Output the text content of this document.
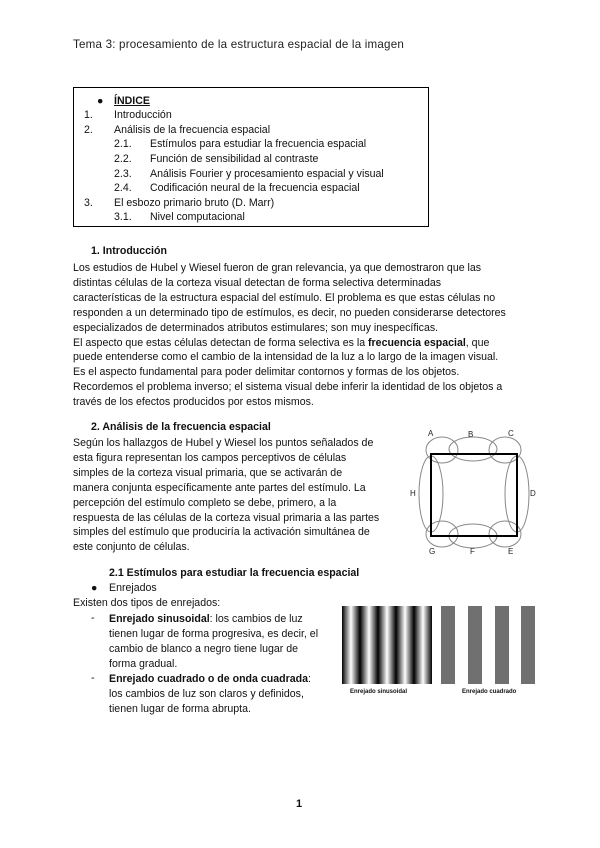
Tema 3: procesamiento de la estructura espacial de la imagen
● ÍNDICE
1. Introducción
2. Análisis de la frecuencia espacial
2.1. Estímulos para estudiar la frecuencia espacial
2.2. Función de sensibilidad al contraste
2.3. Análisis Fourier y procesamiento espacial y visual
2.4. Codificación neural de la frecuencia espacial
3. El esbozo primario bruto (D. Marr)
3.1. Nivel computacional
1. Introducción
Los estudios de Hubel y Wiesel fueron de gran relevancia, ya que demostraron que las
distintas células de la corteza visual detectan de forma selectiva determinadas
características de la estructura espacial del estímulo. El problema es que estas células no
responden a un determinado tipo de estímulos, es decir, no pueden considerarse detectores
especializados de determinados atributos estimulares; son muy inespecíficas.
El aspecto que estas células detectan de forma selectiva es la frecuencia espacial, que
puede entenderse como el cambio de la intensidad de la luz a lo largo de la imagen visual.
Es el aspecto fundamental para poder delimitar contornos y formas de los objetos.
Recordemos el problema inverso; el sistema visual debe inferir la identidad de los objetos a
través de los efectos producidos por estos mismos.
2. Análisis de la frecuencia espacial
Según los hallazgos de Hubel y Wiesel los puntos señalados de
esta figura representan los campos perceptivos de células
simples de la corteza visual primaria, que se activarán de
manera conjunta específicamente ante partes del estímulo. La
percepción del estímulo completo se debe, primero, a la
respuesta de las células de la corteza visual primaria a las partes
simples del estímulo que produciría la activación simultánea de
este conjunto de células.
A	B	C
D
E
F
G
H
2.1 Estímulos para estudiar la frecuencia espacial
● Enrejados
Existen dos tipos de enrejados:
- Enrejado sinusoidal: los cambios de luz
tienen lugar de forma progresiva, es decir, el
cambio de blanco a negro tiene lugar de
forma gradual.
- Enrejado cuadrado o de onda cuadrada:
los cambios de luz son claros y definidos,
tienen lugar de forma abrupta.
Enrejado sinusoidal	Enrejado cuadrado
1
